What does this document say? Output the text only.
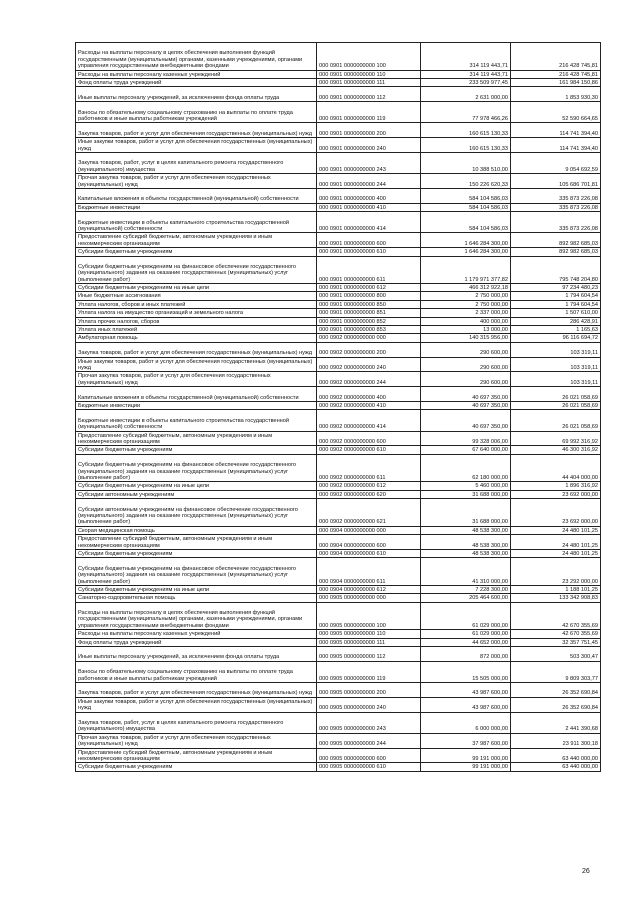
Расходы на выплаты персоналу в целях обеспечения выполнения функций государственными (муниципальными) органами, казенными учреждениями, органами управления государственными внебюджетными фондами	000 0901 0000000000 100	314 119 443,71	216 428 745,81
Расходы на выплаты персоналу казенных учреждений	000 0901 0000000000 110	314 119 443,71	216 428 745,81
Фонд оплаты труда учреждений	000 0901 0000000000 111	233 509 977,45	161 984 150,86
Иные выплаты персоналу учреждений, за исключением фонда оплаты труда	000 0901 0000000000 112	2 631 000,00	1 853 930,30
Взносы по обязательному социальному страхованию на выплаты по оплате труда работников и иные выплаты работникам учреждений	000 0901 0000000000 119	77 978 466,26	52 590 664,65
Закупка товаров, работ и услуг для обеспечения государственных (муниципальных) нужд	000 0901 0000000000 200	160 615 130,33	114 741 394,40
Иные закупки товаров, работ и услуг для обеспечения государственных (муниципальных) нужд	000 0901 0000000000 240	160 615 130,33	114 741 394,40
Закупка товаров, работ, услуг в целях капитального ремонта государственного (муниципального) имущества	000 0901 0000000000 243	10 388 510,00	9 054 692,59
Прочая закупка товаров, работ и услуг для обеспечения государственных (муниципальных) нужд	000 0901 0000000000 244	150 226 620,33	105 686 701,81
Капитальные вложения в объекты государственной (муниципальной) собственности	000 0901 0000000000 400	584 104 586,03	335 873 226,08
Бюджетные инвестиции	000 0901 0000000000 410	584 104 586,03	335 873 226,08
Бюджетные инвестиции в объекты капитального строительства государственной (муниципальной) собственности	000 0901 0000000000 414	584 104 586,03	335 873 226,08
Предоставление субсидий бюджетным, автономным учреждениям и иным некоммерческим организациям	000 0901 0000000000 600	1 646 284 300,00	892 982 685,03
Субсидии бюджетным учреждениям	000 0901 0000000000 610	1 646 284 300,00	892 982 685,03
Субсидии бюджетным учреждениям на финансовое обеспечение государственного (муниципального) задания на оказание государственных (муниципальных) услуг (выполнение работ)	000 0901 0000000000 611	1 179 971 377,82	795 748 204,80
Субсидии бюджетным учреждениям на иные цели	000 0901 0000000000 612	466 312 922,18	97 234 480,23
Иные бюджетные ассигнования	000 0901 0000000000 800	2 750 000,00	1 794 604,54
Уплата налогов, сборов и иных платежей	000 0901 0000000000 850	2 750 000,00	1 794 604,54
Уплата налога на имущество организаций и земельного налога	000 0901 0000000000 851	2 337 000,00	1 507 610,00
Уплата прочих налогов, сборов	000 0901 0000000000 852	400 000,00	286 428,91
Уплата иных платежей	000 0901 0000000000 853	13 000,00	1 165,63
Амбулаторная помощь	000 0902 0000000000 000	140 315 956,00	96 116 694,72
Закупка товаров, работ и услуг для обеспечения государственных (муниципальных) нужд	000 0902 0000000000 200	290 600,00	103 319,11
Иные закупки товаров, работ и услуг для обеспечения государственных (муниципальных) нужд	000 0902 0000000000 240	290 600,00	103 319,11
Прочая закупка товаров, работ и услуг для обеспечения государственных (муниципальных) нужд	000 0902 0000000000 244	290 600,00	103 319,11
Капитальные вложения в объекты государственной (муниципальной) собственности	000 0902 0000000000 400	40 697 350,00	26 021 058,69
Бюджетные инвестиции	000 0902 0000000000 410	40 697 350,00	26 021 058,69
Бюджетные инвестиции в объекты капитального строительства государственной (муниципальной) собственности	000 0902 0000000000 414	40 697 350,00	26 021 058,69
Предоставление субсидий бюджетным, автономным учреждениям и иным некоммерческим организациям	000 0902 0000000000 600	99 328 006,00	69 992 316,92
Субсидии бюджетным учреждениям	000 0902 0000000000 610	67 640 000,00	46 300 316,92
Субсидии бюджетным учреждениям на финансовое обеспечение государственного (муниципального) задания на оказание государственных (муниципальных) услуг (выполнение работ)	000 0902 0000000000 611	62 180 000,00	44 404 000,00
Субсидии бюджетным учреждениям на иные цели	000 0902 0000000000 612	5 460 000,00	1 896 316,92
Субсидии автономным учреждениям	000 0902 0000000000 620	31 688 000,00	23 692 000,00
Субсидии автономным учреждениям на финансовое обеспечение государственного (муниципального) задания на оказание государственных (муниципальных) услуг (выполнение работ)	000 0902 0000000000 621	31 688 000,00	23 692 000,00
Скорая медицинская помощь	000 0904 0000000000 000	48 538 300,00	24 480 101,25
Предоставление субсидий бюджетным, автономным учреждениям и иным некоммерческим организациям	000 0904 0000000000 600	48 538 300,00	24 480 101,25
Субсидии бюджетным учреждениям	000 0904 0000000000 610	48 538 300,00	24 480 101,25
Субсидии бюджетным учреждениям на финансовое обеспечение государственного (муниципального) задания на оказание государственных (муниципальных) услуг (выполнение работ)	000 0904 0000000000 611	41 310 000,00	23 292 000,00
Субсидии бюджетным учреждениям на иные цели	000 0904 0000000000 612	7 228 300,00	1 188 101,25
Санаторно-оздоровительная помощь	000 0905 0000000000 000	205 464 600,00	133 342 908,83
Расходы на выплаты персоналу в целях обеспечения выполнения функций государственными (муниципальными) органами, казенными учреждениями, органами управления государственными внебюджетными фондами	000 0905 0000000000 100	61 029 000,00	42 670 355,69
Расходы на выплаты персоналу казенных учреждений	000 0905 0000000000 110	61 029 000,00	42 670 355,69
Фонд оплаты труда учреждений	000 0905 0000000000 111	44 652 000,00	32 357 751,45
Иные выплаты персоналу учреждений, за исключением фонда оплаты труда	000 0905 0000000000 112	872 000,00	503 300,47
Взносы по обязательному социальному страхованию на выплаты по оплате труда работников и иные выплаты работникам учреждений	000 0905 0000000000 119	15 505 000,00	9 809 303,77
Закупка товаров, работ и услуг для обеспечения государственных (муниципальных) нужд	000 0905 0000000000 200	43 987 600,00	26 352 690,84
Иные закупки товаров, работ и услуг для обеспечения государственных (муниципальных) нужд	000 0905 0000000000 240	43 987 600,00	26 352 690,84
Закупка товаров, работ, услуг в целях капитального ремонта государственного (муниципального) имущества	000 0905 0000000000 243	6 000 000,00	2 441 390,68
Прочая закупка товаров, работ и услуг для обеспечения государственных (муниципальных) нужд	000 0905 0000000000 244	37 987 600,00	23 911 300,18
Предоставление субсидий бюджетным, автономным учреждениям и иным некоммерческим организациям	000 0905 0000000000 600	99 191 000,00	63 440 000,00
Субсидии бюджетным учреждениям	000 0905 0000000000 610	99 191 000,00	63 440 000,00
26
